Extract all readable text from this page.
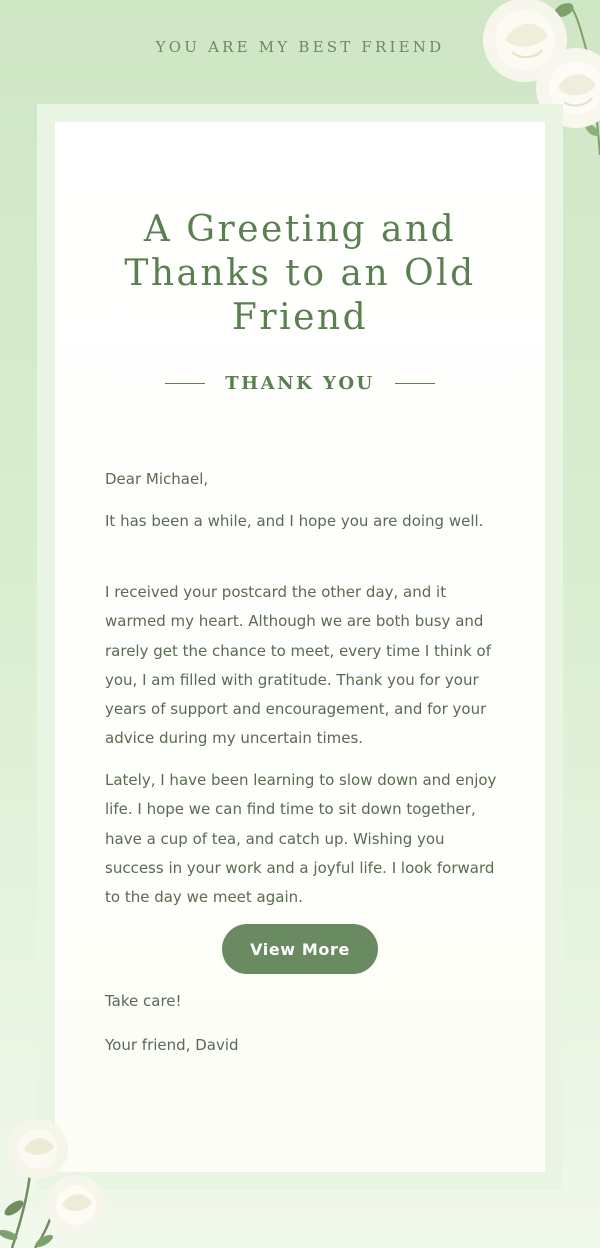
YOU ARE MY BEST FRIEND
A Greeting and
Thanks to an Old
Friend
THANK YOU

Dear Michael,

It has been a while, and I hope you are doing well.

I received your postcard the other day, and it warmed my heart. Although we are both busy and rarely get the chance to meet, every time I think of you, I am filled with gratitude. Thank you for your years of support and encouragement, and for your advice during my uncertain times.

Lately, I have been learning to slow down and enjoy life. I hope we can find time to sit down together, have a cup of tea, and catch up. Wishing you success in your work and a joyful life. I look forward to the day we meet again.

View More

Take care!

Your friend, David
